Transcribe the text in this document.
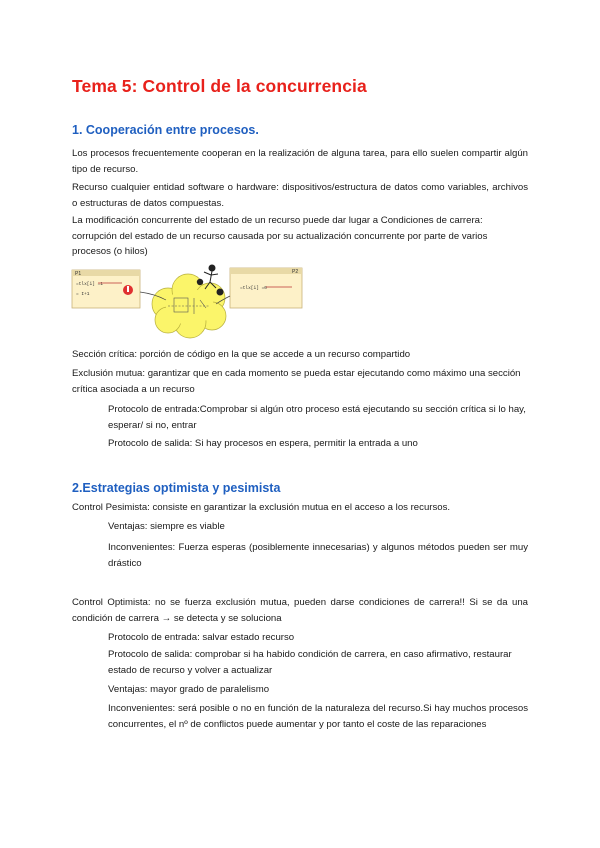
Tema 5: Control de la concurrencia
1. Cooperación entre procesos.
Los procesos frecuentemente cooperan en la realización de alguna tarea, para ello suelen compartir algún tipo de recurso.
Recurso cualquier entidad software o hardware: dispositivos/estructura de datos como variables, archivos o estructuras de datos compuestas.
La modificación concurrente del estado de un recurso puede dar lugar a Condiciones de carrera: corrupción del estado de un recurso causada por su actualización concurrente por parte de varios procesos (o hilos)
P1
=tlx[i] =1
= I+1
P2
=tlx[i] =0
Sección crítica: porción de código en la que se accede a un recurso compartido
Exclusión mutua: garantizar que en cada momento se pueda estar ejecutando como máximo una sección crítica asociada a un recurso
Protocolo de entrada:Comprobar si algún otro proceso está ejecutando su sección crítica si lo hay, esperar/ si no, entrar
Protocolo de salida: Si hay procesos en espera, permitir la entrada a uno
2.Estrategias optimista y pesimista
Control Pesimista: consiste en garantizar la exclusión mutua en el acceso a los recursos.
Ventajas: siempre es viable
Inconvenientes: Fuerza esperas (posiblemente innecesarias) y algunos métodos pueden ser muy drástico
Control Optimista: no se fuerza exclusión mutua, pueden darse condiciones de carrera!! Si se da una condición de carrera → se detecta y se soluciona
Protocolo de entrada: salvar estado recurso
Protocolo de salida: comprobar si ha habido condición de carrera, en caso afirmativo, restaurar estado de recurso y volver a actualizar
Ventajas: mayor grado de paralelismo
Inconvenientes: será posible o no en función de la naturaleza del recurso.Si hay muchos procesos concurrentes, el nº de conflictos puede aumentar y por tanto el coste de las reparaciones
